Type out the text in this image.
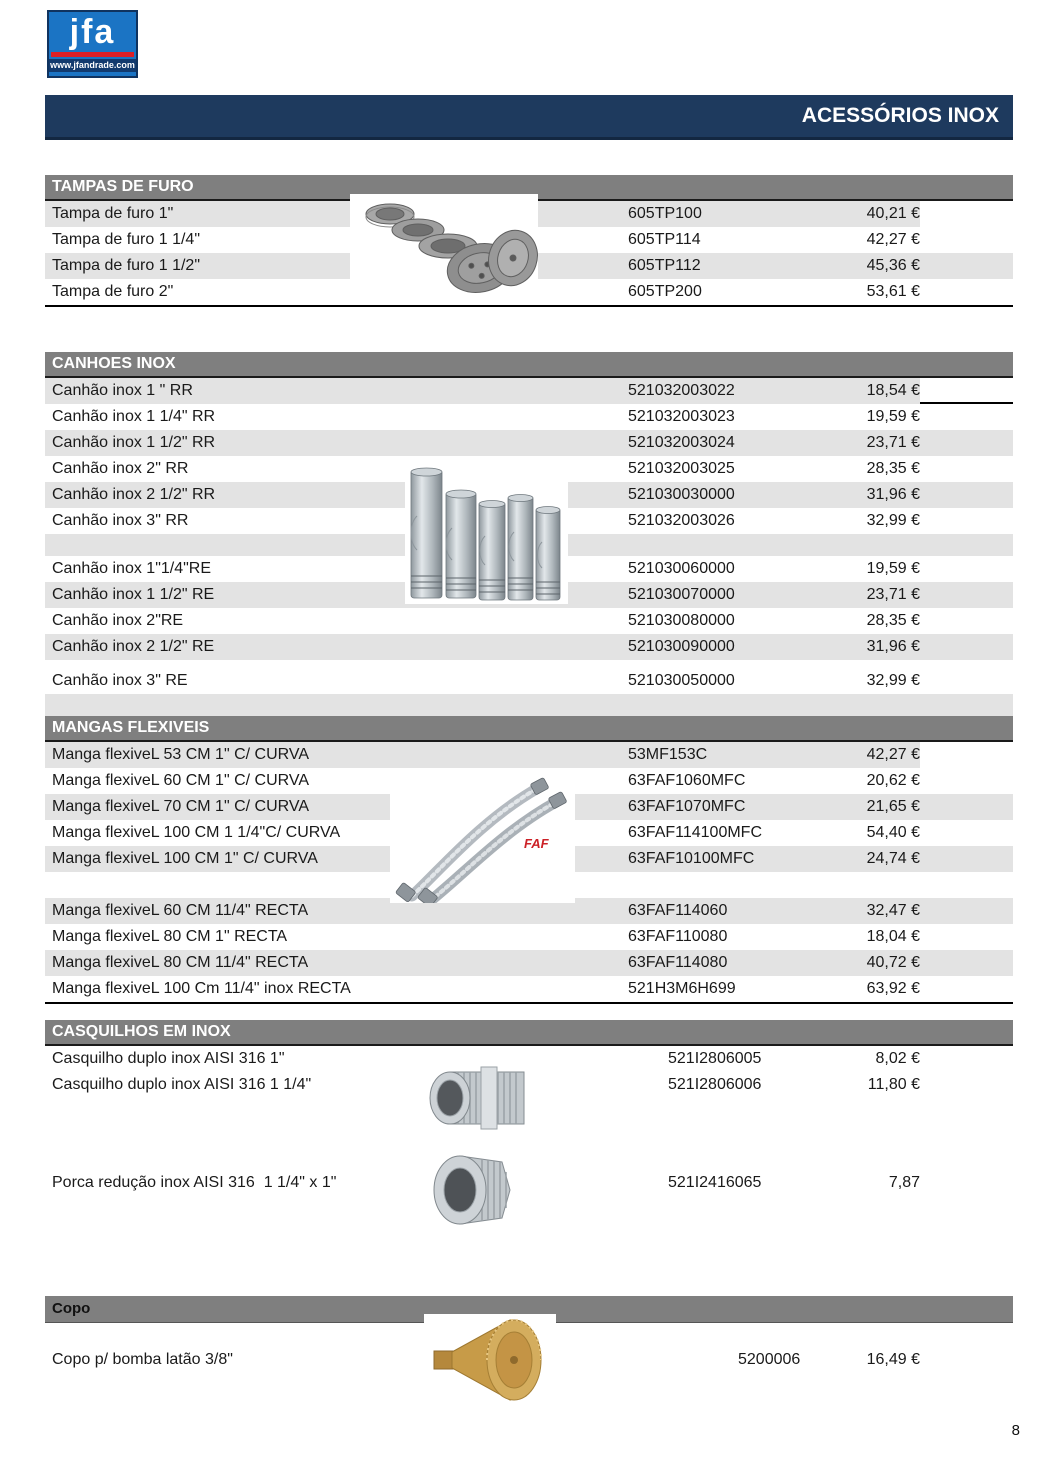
jfa
www.jfandrade.com
ACESSÓRIOS INOX
TAMPAS DE FURO
Tampa de furo 1"	605TP100	40,21 €
Tampa de furo 1 1/4"	605TP114	42,27 €
Tampa de furo 1 1/2"	605TP112	45,36 €
Tampa de furo 2"	605TP200	53,61 €
CANHOES INOX
Canhão inox 1 " RR	521032003022	18,54 €
Canhão inox 1 1/4" RR	521032003023	19,59 €
Canhão inox 1 1/2" RR	521032003024	23,71 €
Canhão inox 2" RR	521032003025	28,35 €
Canhão inox 2 1/2" RR	521030030000	31,96 €
Canhão inox 3" RR	521032003026	32,99 €
Canhão inox 1"1/4"RE	521030060000	19,59 €
Canhão inox 1 1/2" RE	521030070000	23,71 €
Canhão inox 2"RE	521030080000	28,35 €
Canhão inox 2 1/2" RE	521030090000	31,96 €
Canhão inox 3" RE	521030050000	32,99 €
MANGAS FLEXIVEIS
Manga flexiveL 53 CM 1" C/ CURVA	53MF153C	42,27 €
Manga flexiveL 60 CM 1" C/ CURVA	63FAF1060MFC	20,62 €
Manga flexiveL 70 CM 1" C/ CURVA	63FAF1070MFC	21,65 €
Manga flexiveL 100 CM 1 1/4"C/ CURVA	63FAF114100MFC	54,40 €
Manga flexiveL 100 CM 1" C/ CURVA	63FAF10100MFC	24,74 €
Manga flexiveL 60 CM 11/4" RECTA	63FAF114060	32,47 €
Manga flexiveL 80 CM 1" RECTA	63FAF110080	18,04 €
Manga flexiveL 80 CM 11/4" RECTA	63FAF114080	40,72 €
Manga flexiveL 100 Cm 11/4" inox RECTA	521H3M6H699	63,92 €
CASQUILHOS EM INOX
Casquilho duplo inox AISI 316 1"	521I2806005	8,02 €
Casquilho duplo inox AISI 316 1 1/4"	521I2806006	11,80 €
Porca redução inox AISI 316  1 1/4" x 1"	521I2416065	7,87
Copo
Copo p/ bomba latão 3/8"	5200006	16,49 €
FAF
8
